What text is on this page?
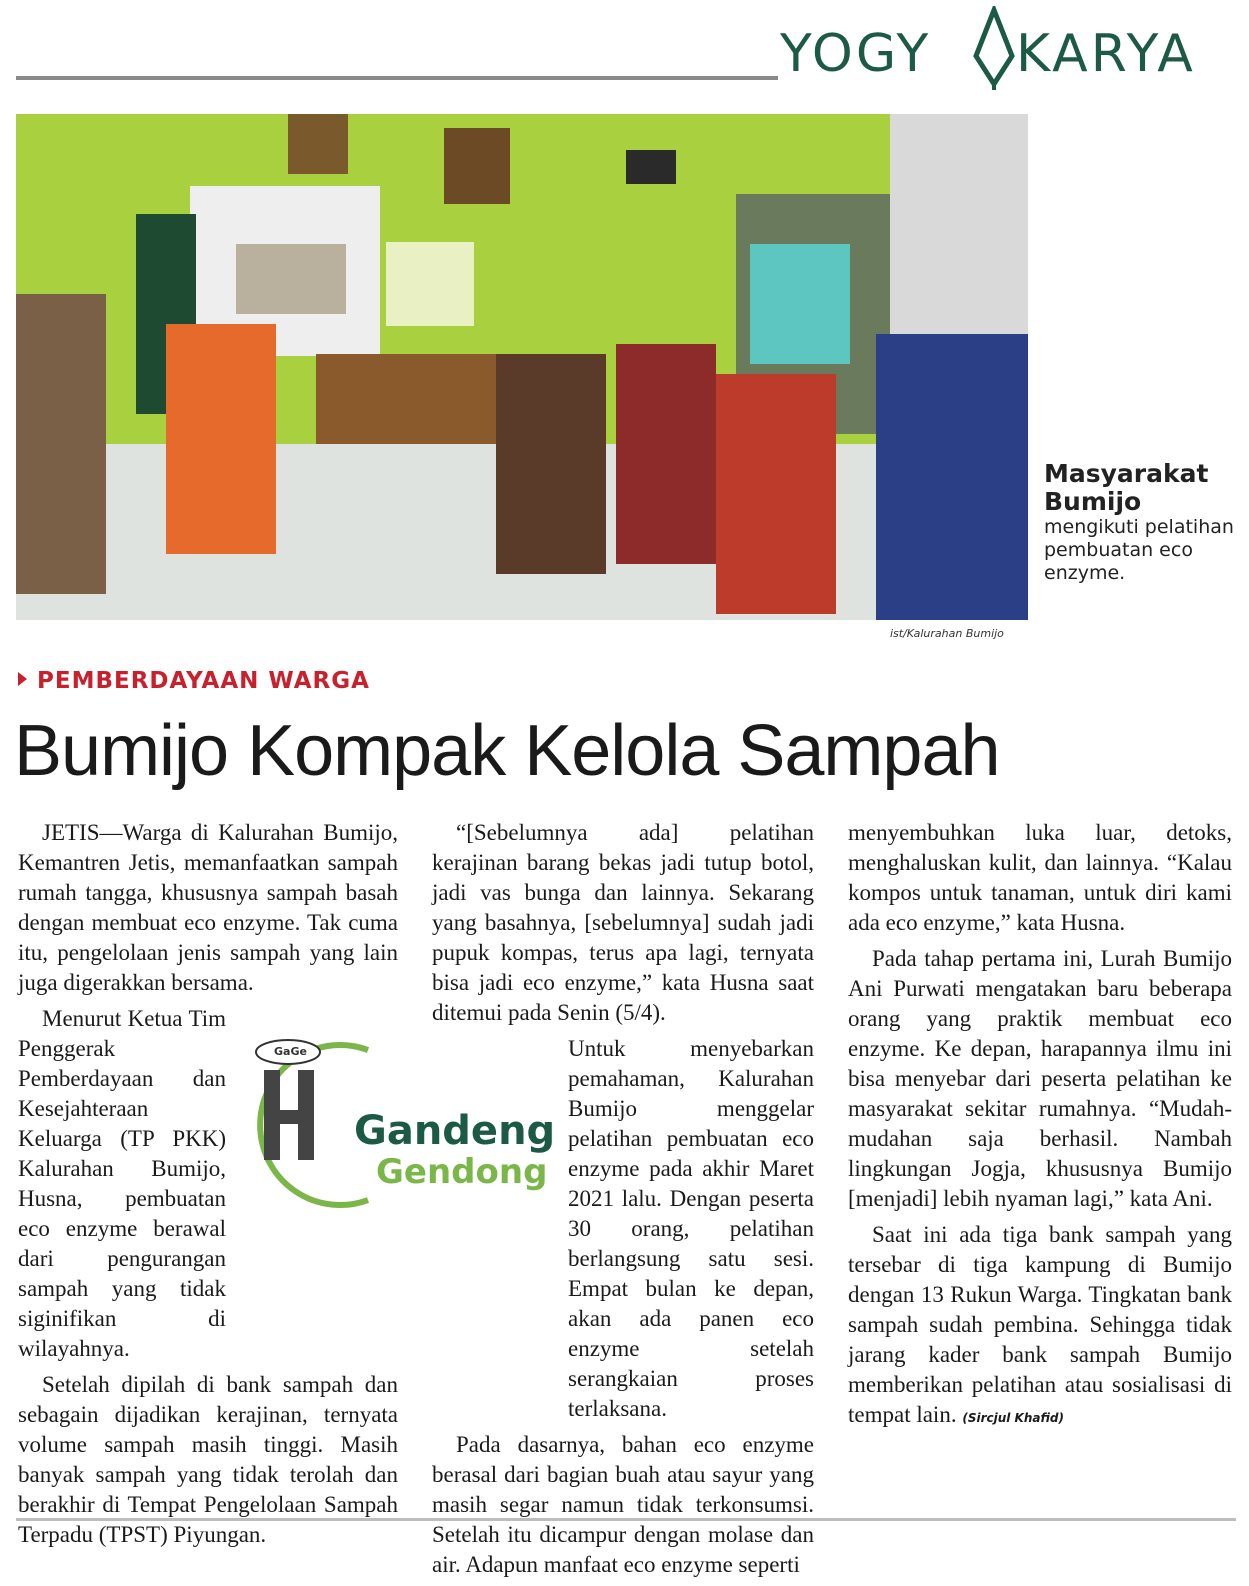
YOGY KARYA
Masyarakat Bumijo
mengikuti pelatihan pembuatan eco enzyme.
ist/Kalurahan Bumijo
PEMBERDAYAAN WARGA
Bumijo Kompak Kelola Sampah

JETIS—Warga di Kalurahan Bumijo, Kemantren Jetis, memanfaatkan sampah rumah tangga, khususnya sampah basah dengan membuat eco enzyme. Tak cuma itu, pengelolaan jenis sampah yang lain juga digerakkan bersama.

Menurut Ketua Tim Penggerak Pemberdayaan dan Kesejahteraan Keluarga (TP PKK) Kalurahan Bumijo, Husna, pembuatan eco enzyme berawal dari pengurangan sampah yang tidak siginifikan di wilayahnya.

Setelah dipilah di bank sampah dan sebagain dijadikan kerajinan, ternyata volume sampah masih tinggi. Masih banyak sampah yang tidak terolah dan berakhir di Tempat Pengelolaan Sampah Terpadu (TPST) Piyungan.

“[Sebelumnya ada] pelatihan kerajinan barang bekas jadi tutup botol, jadi vas bunga dan lainnya. Sekarang yang basahnya, [sebelumnya] sudah jadi pupuk kompas, terus apa lagi, ternyata bisa jadi eco enzyme,” kata Husna saat ditemui pada Senin (5/4).

Untuk menyebarkan pemahaman, Kalurahan Bumijo menggelar pelatihan pembuatan eco enzyme pada akhir Maret 2021 lalu. Dengan peserta 30 orang, pelatihan berlangsung satu sesi. Empat bulan ke depan, akan ada panen eco enzyme setelah serangkaian proses terlaksana.

Pada dasarnya, bahan eco enzyme berasal dari bagian buah atau sayur yang masih segar namun tidak terkonsumsi. Setelah itu dicampur dengan molase dan air. Adapun manfaat eco enzyme seperti

menyembuhkan luka luar, detoks, menghaluskan kulit, dan lainnya. “Kalau kompos untuk tanaman, untuk diri kami ada eco enzyme,” kata Husna.

Pada tahap pertama ini, Lurah Bumijo Ani Purwati mengatakan baru beberapa orang yang praktik membuat eco enzyme. Ke depan, harapannya ilmu ini bisa menyebar dari peserta pelatihan ke masyarakat sekitar rumahnya. “Mudah-mudahan saja berhasil. Nambah lingkungan Jogja, khususnya Bumijo [menjadi] lebih nyaman lagi,” kata Ani.

Saat ini ada tiga bank sampah yang tersebar di tiga kampung di Bumijo dengan 13 Rukun Warga. Tingkatan bank sampah sudah pembina. Sehingga tidak jarang kader bank sampah Bumijo memberikan pelatihan atau sosialisasi di tempat lain. (Sircjul Khafid)

GaGe
Gandeng
Gendong
